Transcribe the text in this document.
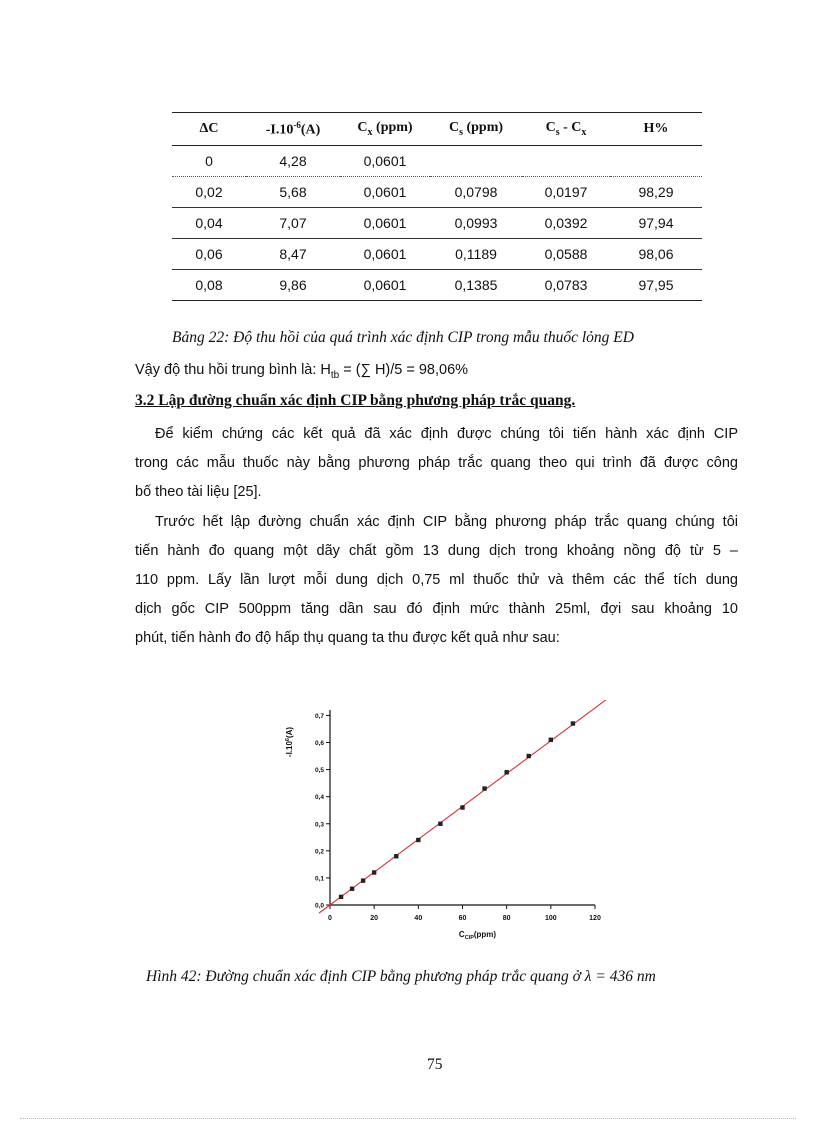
ΔC	$-I.10^{-6}(A)$	$C_x$ (ppm)	$C_s$ (ppm)	$C_s - C_x$	H%
0	4,28	0,0601			
0,02	5,68	0,0601	0,0798	0,0197	98,29
0,04	7,07	0,0601	0,0993	0,0392	97,94
0,06	8,47	0,0601	0,1189	0,0588	98,06
0,08	9,86	0,0601	0,1385	0,0783	97,95
Bảng 22: Độ thu hồi của quá trình xác định CIP trong mẫu thuốc lỏng ED
Vậy độ thu hồi trung bình là: $H_{tb}$ = (∑ H)/5 = 98,06%
3.2 Lập đường chuẩn xác định CIP bằng phương pháp trắc quang.
Để kiểm chứng các kết quả đã xác định được chúng tôi tiến hành xác định CIP
trong các mẫu thuốc này bằng phương pháp trắc quang theo qui trình đã được công
bố theo tài liệu [25].
Trước hết lập đường chuẩn xác định CIP bằng phương pháp trắc quang chúng tôi
tiến hành đo quang một dãy chất gồm 13 dung dịch trong khoảng nồng độ từ 5 –
110 ppm. Lấy lần lượt mỗi dung dịch 0,75 ml thuốc thử và thêm các thể tích dung
dịch gốc CIP 500ppm tăng dần sau đó định mức thành 25ml, đợi sau khoảng 10
phút, tiến hành đo độ hấp thụ quang ta thu được kết quả như sau:
0	20	40	60	80	100	120
0,0
0,1
0,2
0,3
0,4
0,5
0,6
0,7
$C_{CIP}(ppm)$
$-I.10^6(A)$
Hình 42: Đường chuẩn xác định CIP bằng phương pháp trắc quang ở λ = 436 nm
75
